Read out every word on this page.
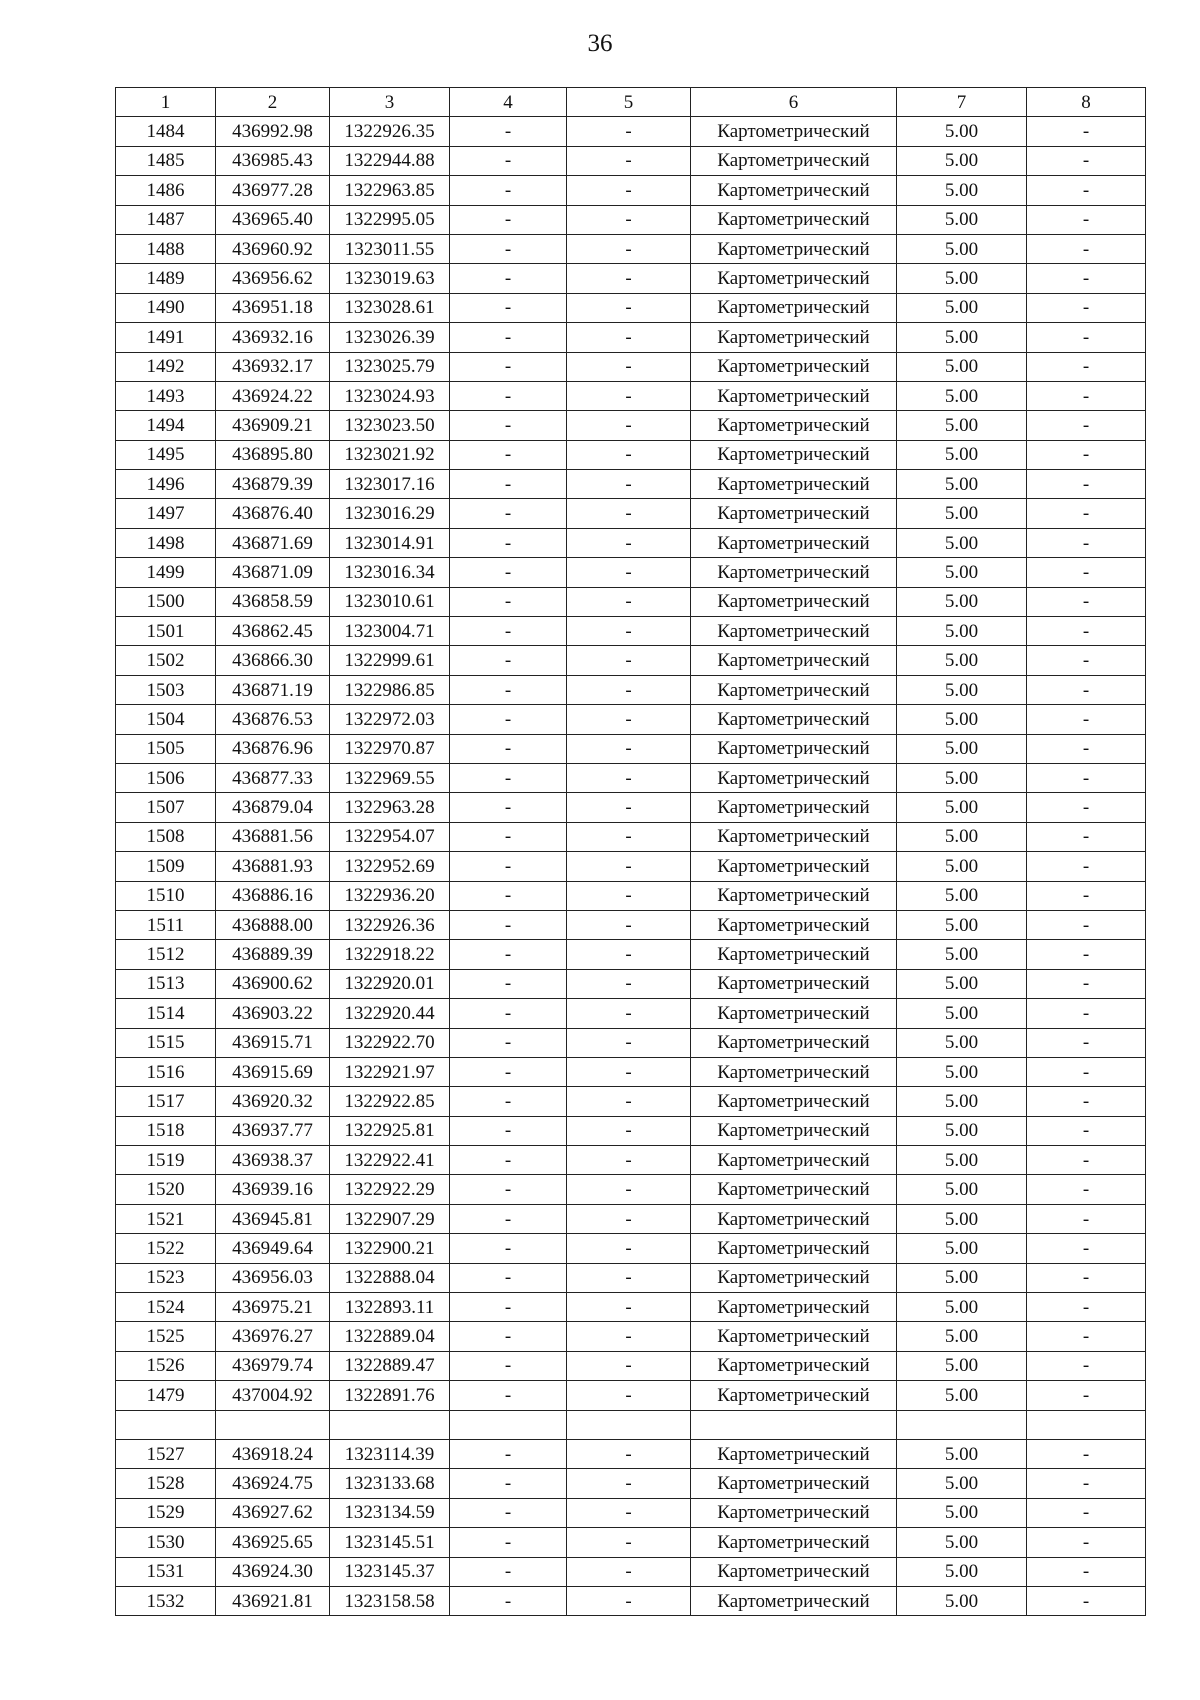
36
1	2	3	4	5	6	7	8
1484	436992.98	1322926.35	-	-	Картометрический	5.00	-
1485	436985.43	1322944.88	-	-	Картометрический	5.00	-
1486	436977.28	1322963.85	-	-	Картометрический	5.00	-
1487	436965.40	1322995.05	-	-	Картометрический	5.00	-
1488	436960.92	1323011.55	-	-	Картометрический	5.00	-
1489	436956.62	1323019.63	-	-	Картометрический	5.00	-
1490	436951.18	1323028.61	-	-	Картометрический	5.00	-
1491	436932.16	1323026.39	-	-	Картометрический	5.00	-
1492	436932.17	1323025.79	-	-	Картометрический	5.00	-
1493	436924.22	1323024.93	-	-	Картометрический	5.00	-
1494	436909.21	1323023.50	-	-	Картометрический	5.00	-
1495	436895.80	1323021.92	-	-	Картометрический	5.00	-
1496	436879.39	1323017.16	-	-	Картометрический	5.00	-
1497	436876.40	1323016.29	-	-	Картометрический	5.00	-
1498	436871.69	1323014.91	-	-	Картометрический	5.00	-
1499	436871.09	1323016.34	-	-	Картометрический	5.00	-
1500	436858.59	1323010.61	-	-	Картометрический	5.00	-
1501	436862.45	1323004.71	-	-	Картометрический	5.00	-
1502	436866.30	1322999.61	-	-	Картометрический	5.00	-
1503	436871.19	1322986.85	-	-	Картометрический	5.00	-
1504	436876.53	1322972.03	-	-	Картометрический	5.00	-
1505	436876.96	1322970.87	-	-	Картометрический	5.00	-
1506	436877.33	1322969.55	-	-	Картометрический	5.00	-
1507	436879.04	1322963.28	-	-	Картометрический	5.00	-
1508	436881.56	1322954.07	-	-	Картометрический	5.00	-
1509	436881.93	1322952.69	-	-	Картометрический	5.00	-
1510	436886.16	1322936.20	-	-	Картометрический	5.00	-
1511	436888.00	1322926.36	-	-	Картометрический	5.00	-
1512	436889.39	1322918.22	-	-	Картометрический	5.00	-
1513	436900.62	1322920.01	-	-	Картометрический	5.00	-
1514	436903.22	1322920.44	-	-	Картометрический	5.00	-
1515	436915.71	1322922.70	-	-	Картометрический	5.00	-
1516	436915.69	1322921.97	-	-	Картометрический	5.00	-
1517	436920.32	1322922.85	-	-	Картометрический	5.00	-
1518	436937.77	1322925.81	-	-	Картометрический	5.00	-
1519	436938.37	1322922.41	-	-	Картометрический	5.00	-
1520	436939.16	1322922.29	-	-	Картометрический	5.00	-
1521	436945.81	1322907.29	-	-	Картометрический	5.00	-
1522	436949.64	1322900.21	-	-	Картометрический	5.00	-
1523	436956.03	1322888.04	-	-	Картометрический	5.00	-
1524	436975.21	1322893.11	-	-	Картометрический	5.00	-
1525	436976.27	1322889.04	-	-	Картометрический	5.00	-
1526	436979.74	1322889.47	-	-	Картометрический	5.00	-
1479	437004.92	1322891.76	-	-	Картометрический	5.00	-

1527	436918.24	1323114.39	-	-	Картометрический	5.00	-
1528	436924.75	1323133.68	-	-	Картометрический	5.00	-
1529	436927.62	1323134.59	-	-	Картометрический	5.00	-
1530	436925.65	1323145.51	-	-	Картометрический	5.00	-
1531	436924.30	1323145.37	-	-	Картометрический	5.00	-
1532	436921.81	1323158.58	-	-	Картометрический	5.00	-
